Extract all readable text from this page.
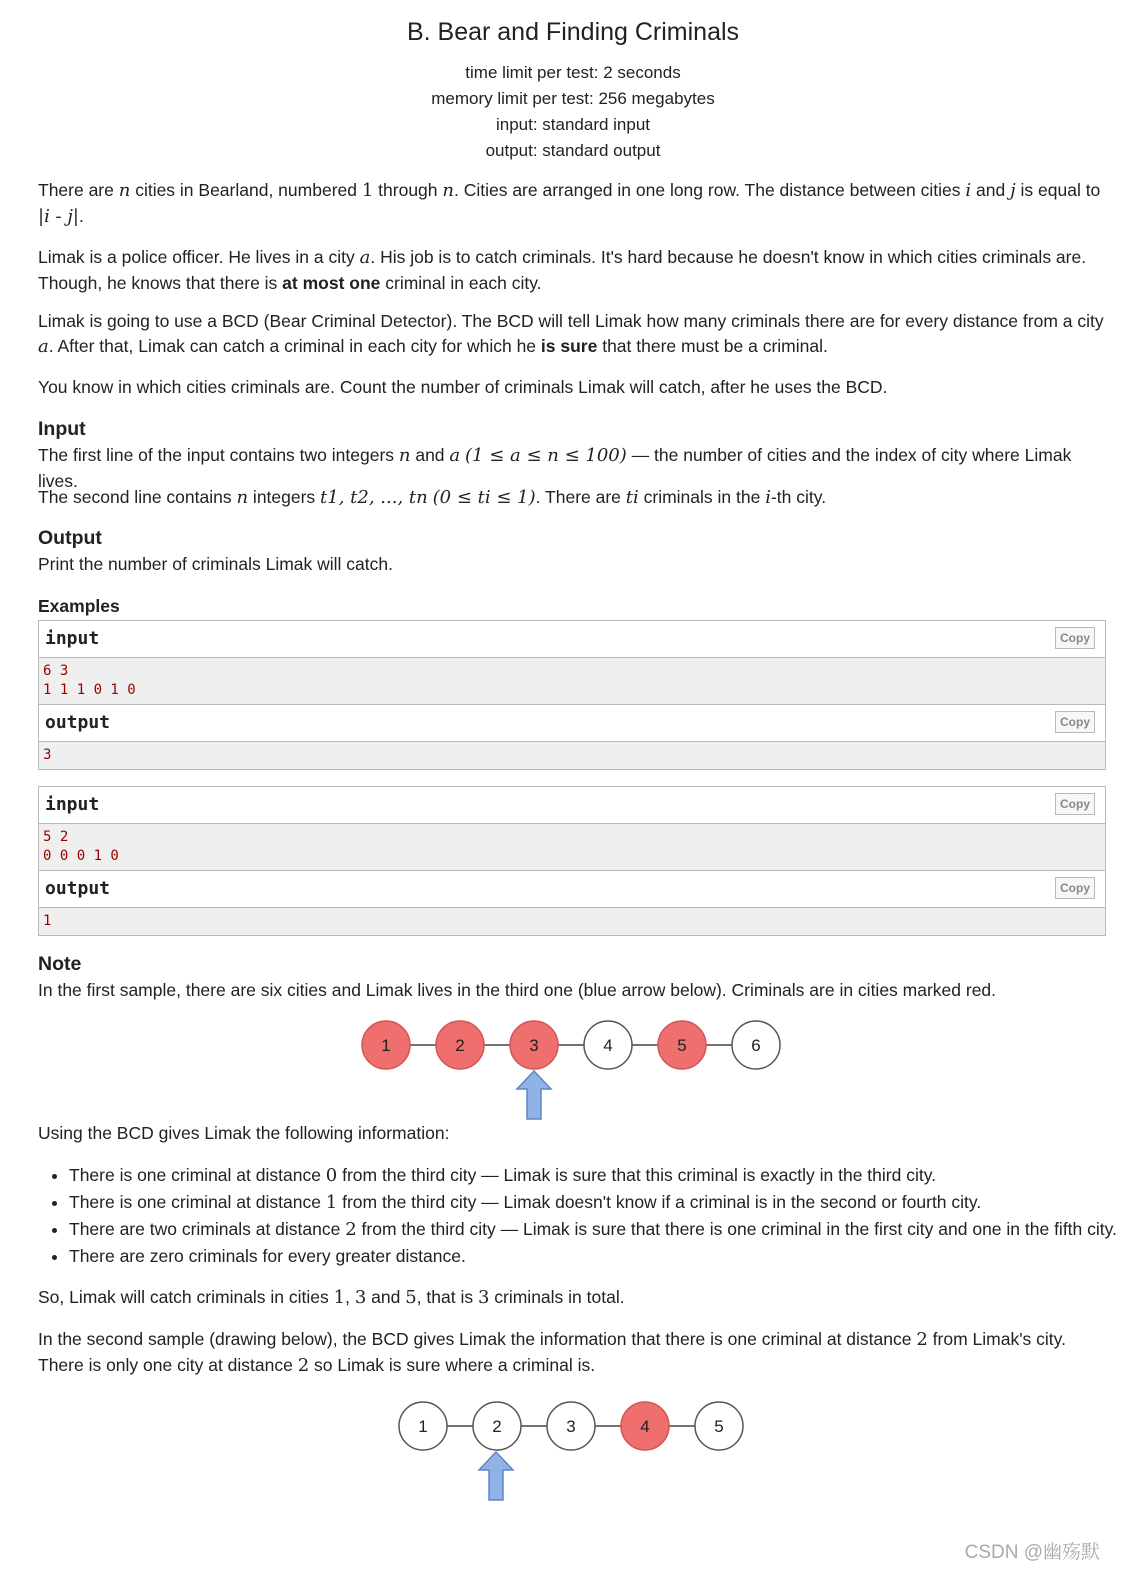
B. Bear and Finding Criminals
time limit per test: 2 seconds
memory limit per test: 256 megabytes
input: standard input
output: standard output

There are n cities in Bearland, numbered 1 through n. Cities are arranged in one long row. The distance between cities i and j is equal to
|i - j|.

Limak is a police officer. He lives in a city a. His job is to catch criminals. It's hard because he doesn't know in which cities criminals are. Though, he knows that there is at most one criminal in each city.

Limak is going to use a BCD (Bear Criminal Detector). The BCD will tell Limak how many criminals there are for every distance from a city a. After that, Limak can catch a criminal in each city for which he is sure that there must be a criminal.

You know in which cities criminals are. Count the number of criminals Limak will catch, after he uses the BCD.

Input

The first line of the input contains two integers n and a (1 ≤ a ≤ n ≤ 100) — the number of cities and the index of city where Limak lives.

The second line contains n integers t1, t2, ..., tn (0 ≤ ti ≤ 1). There are ti criminals in the i-th city.

Output

Print the number of criminals Limak will catch.

Examples
input	Copy
6 3
1 1 1 0 1 0
output	Copy
3
input	Copy
5 2
0 0 0 1 0
output	Copy
1
Note

In the first sample, there are six cities and Limak lives in the third one (blue arrow below). Criminals are in cities marked red.

1	2	3	4	5	6

Using the BCD gives Limak the following information:

• There is one criminal at distance 0 from the third city — Limak is sure that this criminal is exactly in the third city.
• There is one criminal at distance 1 from the third city — Limak doesn't know if a criminal is in the second or fourth city.
• There are two criminals at distance 2 from the third city — Limak is sure that there is one criminal in the first city and one in the fifth city.
• There are zero criminals for every greater distance.

So, Limak will catch criminals in cities 1, 3 and 5, that is 3 criminals in total.

In the second sample (drawing below), the BCD gives Limak the information that there is one criminal at distance 2 from Limak's city. There is only one city at distance 2 so Limak is sure where a criminal is.

1	2	3	4	5
CSDN @幽殇默
